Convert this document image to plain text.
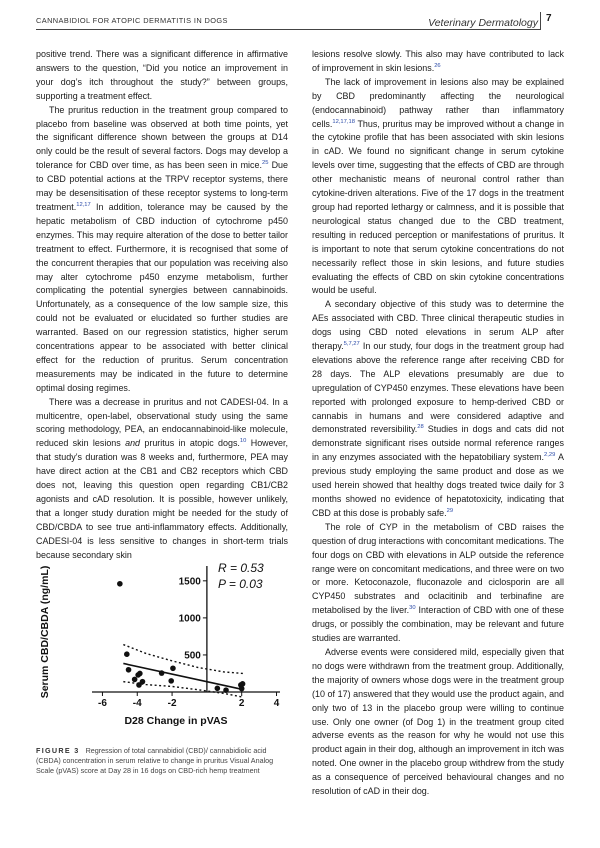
CANNABIDIOL FOR ATOPIC DERMATITIS IN DOGS	Veterinary Dermatology 7

positive trend. There was a significant difference in affirmative answers to the question, “Did you notice an improvement in your dog’s itch throughout the study?” between groups, supporting a treatment effect.

The pruritus reduction in the treatment group compared to placebo from baseline was observed at both time points, yet the significant difference shown between the groups at D14 only could be the result of several factors. Dogs may develop a tolerance for CBD over time, as has been seen in mice.$^{25}$ Due to CBD potential actions at the TRPV receptor systems, there may be desensitisation of these receptor systems to long-term treatment.$^{12,17}$ In addition, tolerance may be caused by the hepatic metabolism of CBD induction of cytochrome p450 enzymes. This may require alteration of the dose to better tailor treatment to effect. Furthermore, it is recognised that some of the concurrent therapies that our population was receiving also may alter cytochrome p450 enzyme metabolism, further complicating the potential synergies between cannabinoids. Unfortunately, as a consequence of the low sample size, this could not be evaluated or elucidated so further studies are warranted. Based on our regression statistics, higher serum concentrations appear to be associated with better clinical effect for the reduction of pruritus. Serum concentration measurements may be indicated in the future to determine optimal dosing regimes.

There was a decrease in pruritus and not CADESI-04. In a multicentre, open-label, observational study using the same scoring methodology, PEA, an endocannabinoid-like molecule, reduced skin lesions and pruritus in atopic dogs.$^{10}$ However, that study’s duration was 8 weeks and, furthermore, PEA may have direct action at the CB1 and CB2 receptors which CBD does not, leaving this question open regarding CB1/CB2 agonists and cAD resolution. It is possible, however unlikely, that a longer study duration might be needed for the study of CBD/CBDA to see true anti-inflammatory effects. Additionally, CADESI-04 is less sensitive to changes in short-term trials because secondary skin

lesions resolve slowly. This also may have contributed to lack of improvement in skin lesions.$^{26}$

The lack of improvement in lesions also may be explained by CBD predominantly affecting the neurological (endocannabinoid) pathway rather than inflammatory cells.$^{12,17,18}$ Thus, pruritus may be improved without a change in the cytokine profile that has been associated with skin lesions in cAD. We found no significant change in serum cytokine levels over time, suggesting that the effects of CBD are through other mechanistic means of neuronal control rather than cytokine-driven alterations. Five of the 17 dogs in the treatment group had reported lethargy or calmness, and it is possible that neurological status changed due to the CBD treatment, resulting in reduced perception or manifestations of pruritus. It is important to note that serum cytokine concentrations do not necessarily reflect those in skin lesions, and future studies evaluating the effects of CBD on skin cytokine concentrations would be useful.

A secondary objective of this study was to determine the AEs associated with CBD. Three clinical therapeutic studies in dogs using CBD noted elevations in serum ALP after therapy.$^{5,7,27}$ In our study, four dogs in the treatment group had elevations above the reference range after receiving CBD for 28 days. The ALP elevations presumably are due to upregulation of CYP450 enzymes. These elevations have been reported with prolonged exposure to hemp-derived CBD or cannabis in humans and were considered adaptive and demonstrated reversibility.$^{28}$ Studies in dogs and cats did not demonstrate significant rises outside normal reference ranges in any enzymes associated with the hepatobiliary system.$^{2,29}$ A previous study employing the same product and dose as we used herein showed that healthy dogs treated twice daily for 3 months showed no evidence of hepatotoxicity, indicating that CBD at this dose is probably safe.$^{29}$

The role of CYP in the metabolism of CBD raises the question of drug interactions with concomitant medications. The four dogs on CBD with elevations in ALP outside the reference range were on concomitant medications, and three were on two or more. Ketoconazole, fluconazole and ciclosporin are all CYP450 substrates and oclacitinib and terbinafine are metabolised by the liver.$^{30}$ Interaction of CBD with one of these drugs, or possibly the combination, may be relevant and future studies are warranted.

Adverse events were considered mild, especially given that no dogs were withdrawn from the treatment group. Additionally, the majority of owners whose dogs were in the treatment group (10 of 17) answered that they would use the product again, and only two of 13 in the placebo group were willing to continue use. Only one owner (of Dog 1) in the treatment group cited adverse events as the reason for why he would not use this product again in their dog, although an improvement in itch was noted. One owner in the placebo group withdrew from the study as a consequence of perceived behavioural changes and no resolution of cAD in their dog.

Serum CBD/CBDA (ng/mL)
D28 Change in pVAS
R = 0.53
P = 0.03
500
1000
1500
-6	-4	-2	2	4
FIGURE 3 Regression of total cannabidiol (CBD)/ cannabidiolic acid (CBDA) concentration in serum relative to change in pruritus Visual Analog Scale (pVAS) score at Day 28 in 16 dogs on CBD-rich hemp treatment
